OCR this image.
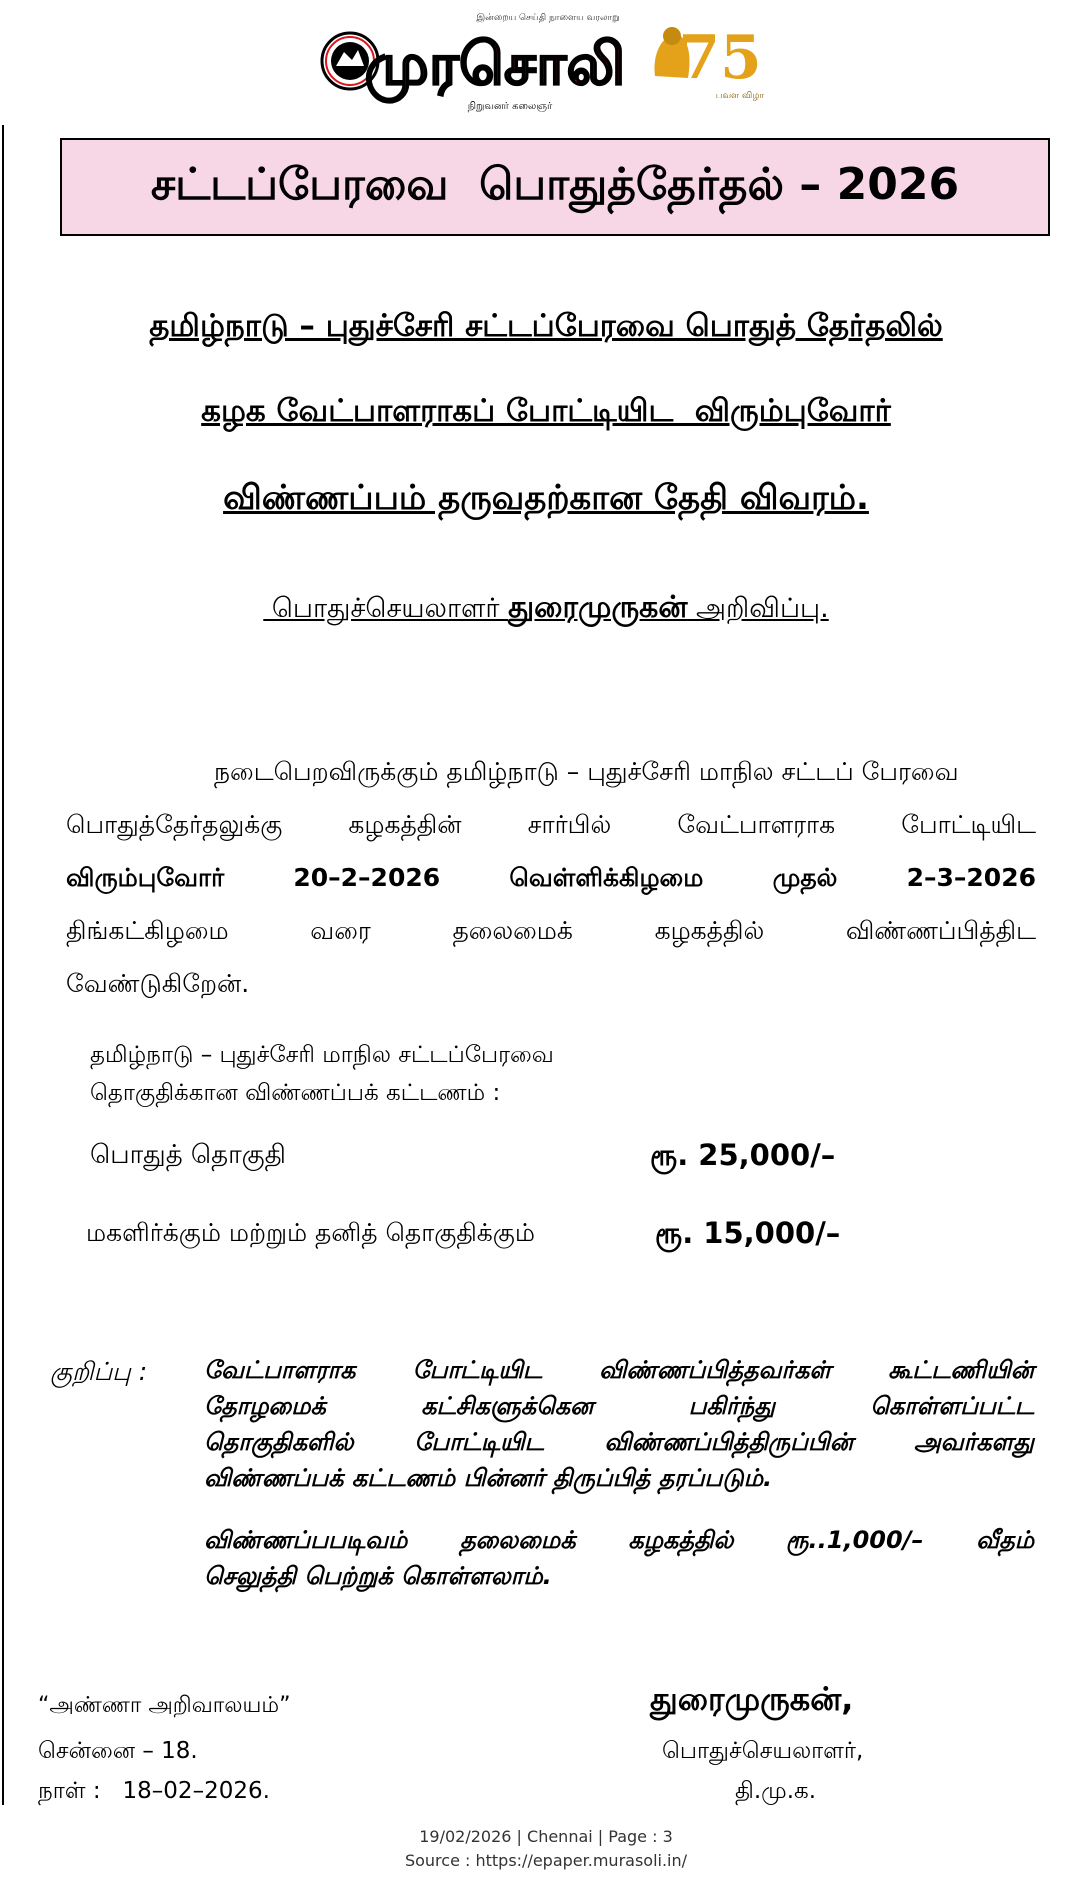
இன்றைய செய்தி நாளைய வரலாறு
முரசொலி
நிறுவனர் கலைஞர்
75
பவள விழா
சட்டப்பேரவை  பொதுத்தேர்தல் – 2026
தமிழ்நாடு – புதுச்சேரி சட்டப்பேரவை பொதுத் தேர்தலில்
கழக வேட்பாளராகப் போட்டியிட  விரும்புவோர்
விண்ணப்பம் தருவதற்கான தேதி விவரம்.
பொதுச்செயலாளர் துரைமுருகன் அறிவிப்பு.
நடைபெறவிருக்கும் தமிழ்நாடு – புதுச்சேரி மாநில சட்டப் பேரவை
பொதுத்தேர்தலுக்கு கழகத்தின் சார்பில் வேட்பாளராக போட்டியிட
விரும்புவோர் 20–2–2026 வெள்ளிக்கிழமை முதல் 2–3–2026
திங்கட்கிழமை வரை தலைமைக் கழகத்தில் விண்ணப்பித்திட
வேண்டுகிறேன்.
தமிழ்நாடு – புதுச்சேரி மாநில சட்டப்பேரவை
தொகுதிக்கான விண்ணப்பக் கட்டணம் :
பொதுத் தொகுதி	ரூ. 25,000/–
மகளிர்க்கும் மற்றும் தனித் தொகுதிக்கும்	ரூ. 15,000/–
குறிப்பு : வேட்பாளராக போட்டியிட விண்ணப்பித்தவர்கள் கூட்டணியின்
தோழமைக் கட்சிகளுக்கென பகிர்ந்து கொள்ளப்பட்ட
தொகுதிகளில் போட்டியிட விண்ணப்பித்திருப்பின் அவர்களது
விண்ணப்பக் கட்டணம் பின்னர் திருப்பித் தரப்படும்.
விண்ணப்பபடிவம் தலைமைக் கழகத்தில் ரூ..1,000/– வீதம்
செலுத்தி பெற்றுக் கொள்ளலாம்.
“அண்ணா அறிவாலயம்”
சென்னை – 18.
நாள் : 18–02–2026.
துரைமுருகன்,
பொதுச்செயலாளர்,
தி.மு.க.
19/02/2026 | Chennai | Page : 3
Source : https://epaper.murasoli.in/
